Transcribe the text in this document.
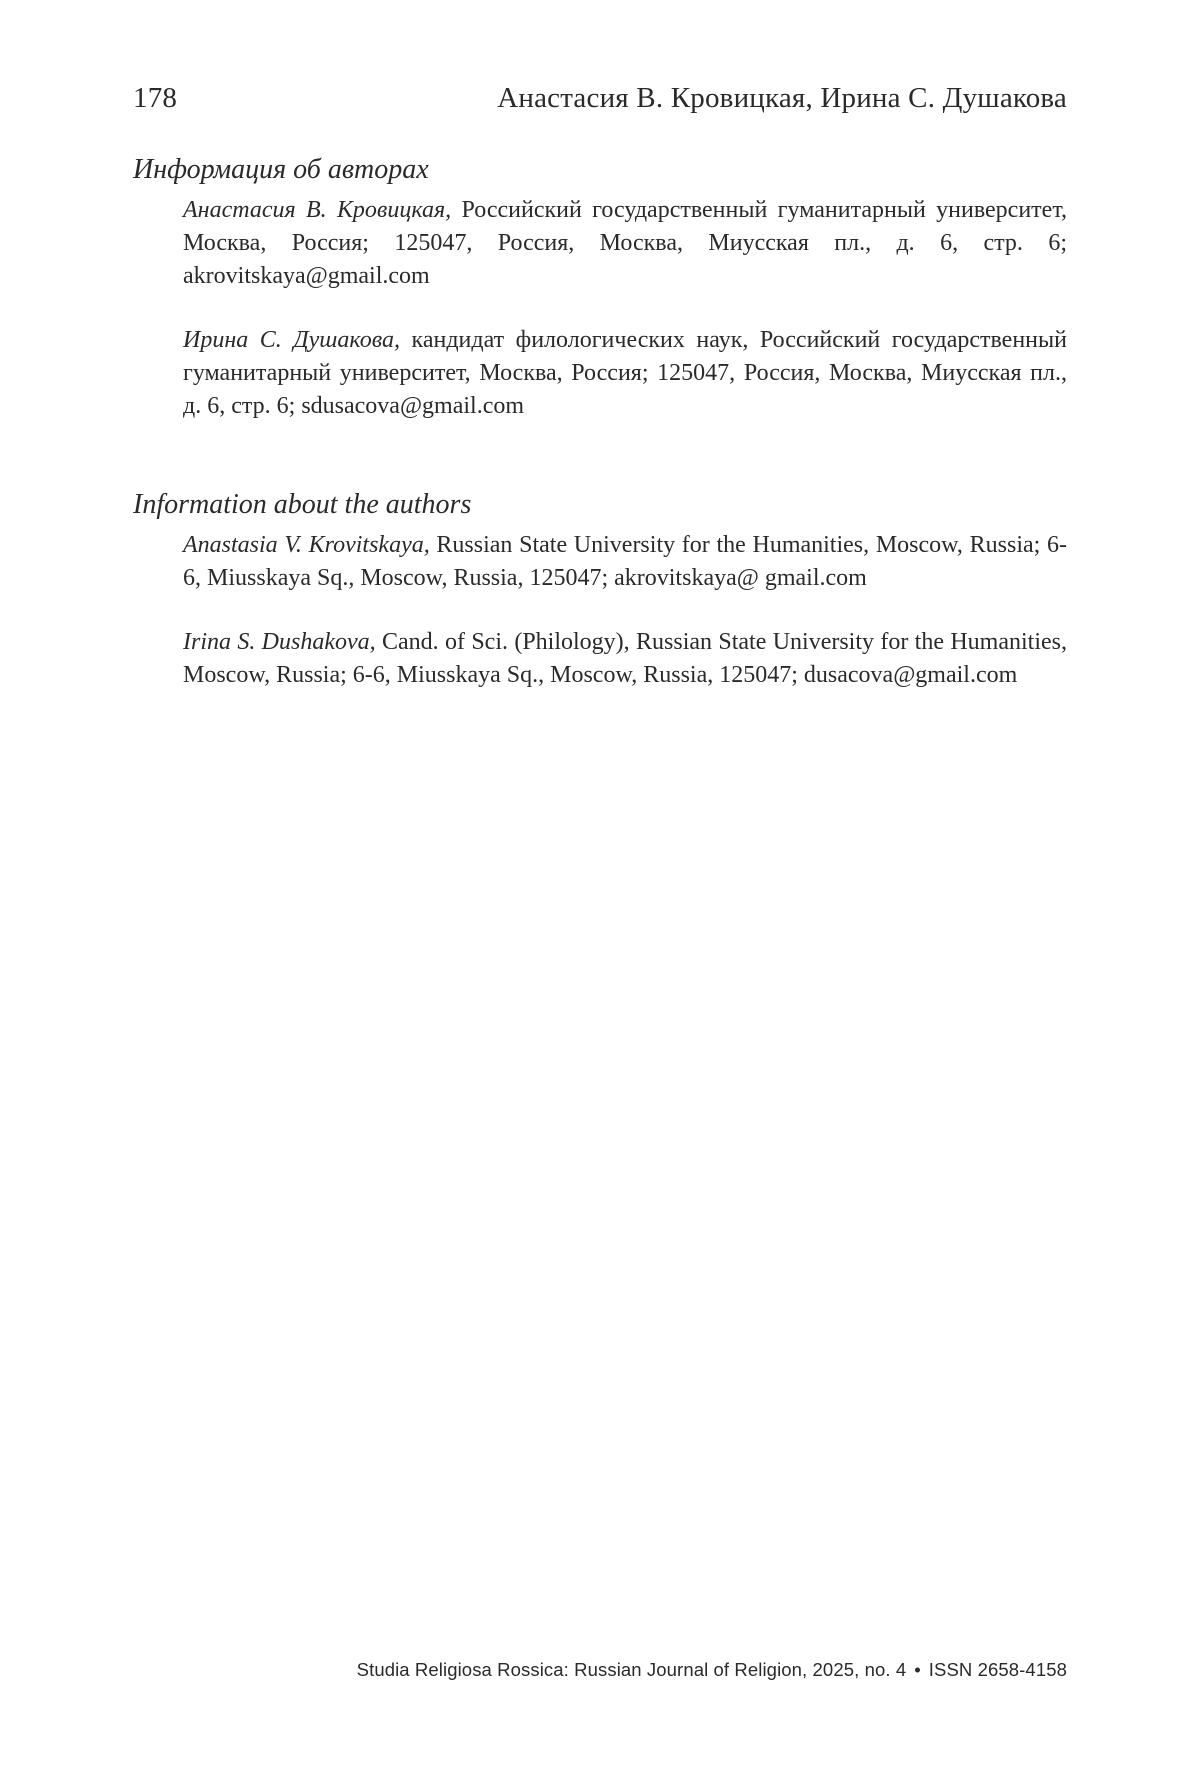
178	Анастасия В. Кровицкая, Ирина С. Душакова
Информация об авторах
Анастасия В. Кровицкая, Российский государственный гуманитарный университет, Москва, Россия; 125047, Россия, Москва, Миусская пл., д. 6, стр. 6; akrovitskaya@gmail.com
Ирина С. Душакова, кандидат филологических наук, Российский государственный гуманитарный университет, Москва, Россия; 125047, Россия, Москва, Миусская пл., д. 6, стр. 6; sdusacova@gmail.com
Information about the authors
Anastasia V. Krovitskaya, Russian State University for the Humanities, Moscow, Russia; 6-6, Miusskaya Sq., Moscow, Russia, 125047; akrovitskaya@ gmail.com
Irina S. Dushakova, Cand. of Sci. (Philology), Russian State University for the Humanities, Moscow, Russia; 6-6, Miusskaya Sq., Moscow, Russia, 125047; dusacova@gmail.com
Studia Religiosa Rossica: Russian Journal of Religion, 2025, no. 4 • ISSN 2658-4158
